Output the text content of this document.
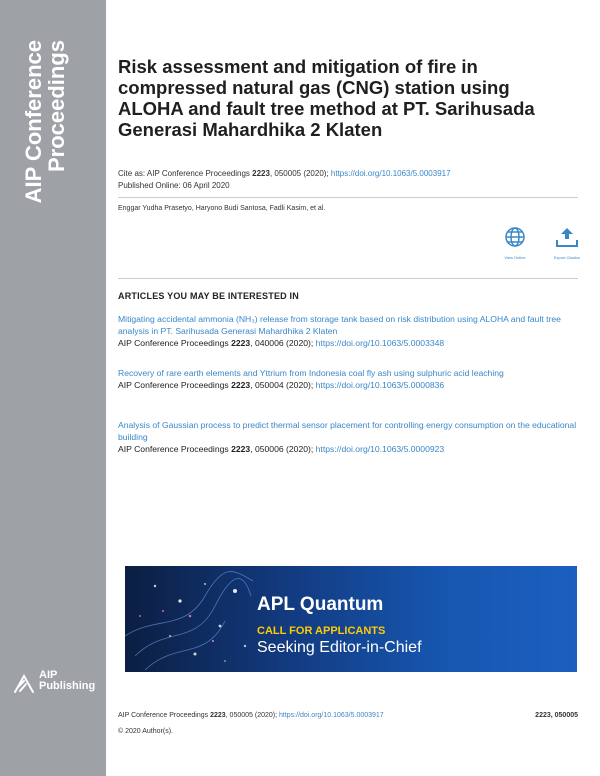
AIP Conference
Proceedings
AIP
Publishing
Risk assessment and mitigation of fire in compressed natural gas (CNG) station using ALOHA and fault tree method at PT. Sarihusada Generasi Mahardhika 2 Klaten
Cite as: AIP Conference Proceedings 2223, 050005 (2020); https://doi.org/10.1063/5.0003917
Published Online: 06 April 2020
Enggar Yudha Prasetyo, Haryono Budi Santosa, Fadli Kasim, et al.
View Online	Export Citation
ARTICLES YOU MAY BE INTERESTED IN
Mitigating accidental ammonia (NH₃) release from storage tank based on risk distribution using ALOHA and fault tree analysis in PT. Sarihusada Generasi Mahardhika 2 Klaten
AIP Conference Proceedings 2223, 040006 (2020); https://doi.org/10.1063/5.0003348
Recovery of rare earth elements and Yttrium from Indonesia coal fly ash using sulphuric acid leaching
AIP Conference Proceedings 2223, 050004 (2020); https://doi.org/10.1063/5.0000836
Analysis of Gaussian process to predict thermal sensor placement for controlling energy consumption on the educational building
AIP Conference Proceedings 2223, 050006 (2020); https://doi.org/10.1063/5.0000923
APL Quantum
CALL FOR APPLICANTS
Seeking Editor-in-Chief
AIP Conference Proceedings 2223, 050005 (2020); https://doi.org/10.1063/5.0003917	2223, 050005
© 2020 Author(s).
